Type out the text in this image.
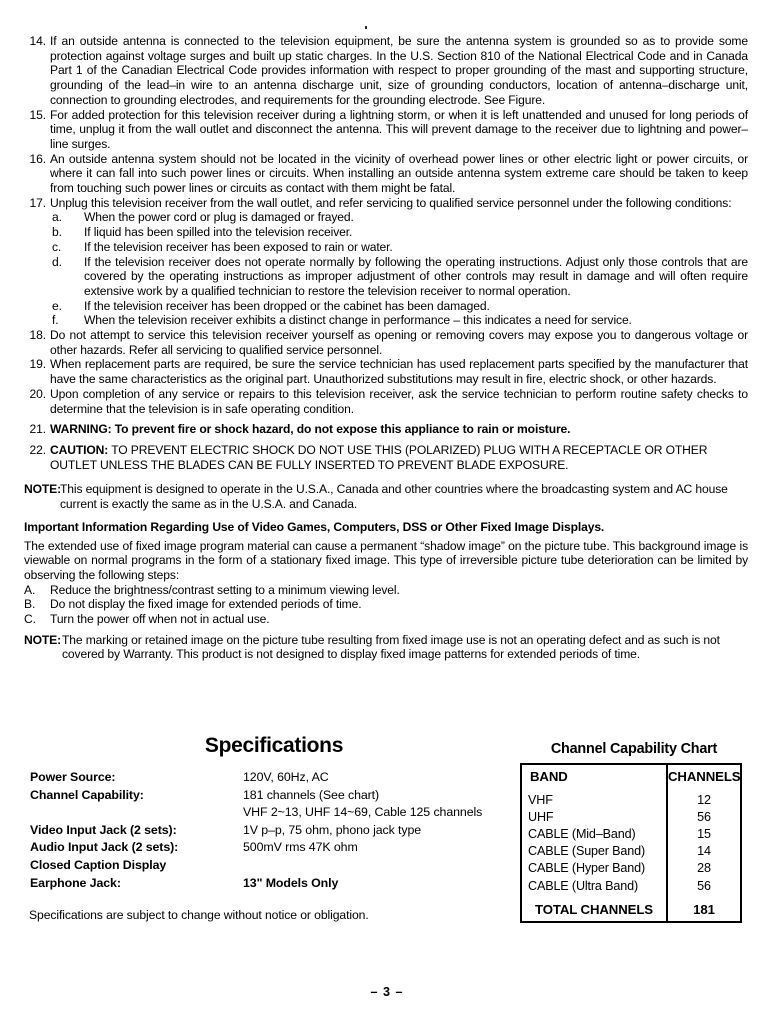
14. If an outside antenna is connected to the television equipment, be sure the antenna system is grounded so as to provide some protection against voltage surges and built up static charges. In the U.S. Section 810 of the National Electrical Code and in Canada Part 1 of the Canadian Electrical Code provides information with respect to proper grounding of the mast and supporting structure, grounding of the lead–in wire to an antenna discharge unit, size of grounding conductors, location of antenna–discharge unit, connection to grounding electrodes, and requirements for the grounding electrode. See Figure.
15. For added protection for this television receiver during a lightning storm, or when it is left unattended and unused for long periods of time, unplug it from the wall outlet and disconnect the antenna. This will prevent damage to the receiver due to lightning and power–line surges.
16. An outside antenna system should not be located in the vicinity of overhead power lines or other electric light or power circuits, or where it can fall into such power lines or circuits. When installing an outside antenna system extreme care should be taken to keep from touching such power lines or circuits as contact with them might be fatal.
17. Unplug this television receiver from the wall outlet, and refer servicing to qualified service personnel under the following conditions:
a.	When the power cord or plug is damaged or frayed.
b.	If liquid has been spilled into the television receiver.
c.	If the television receiver has been exposed to rain or water.
d.	If the television receiver does not operate normally by following the operating instructions. Adjust only those controls that are covered by the operating instructions as improper adjustment of other controls may result in damage and will often require extensive work by a qualified technician to restore the television receiver to normal operation.
e.	If the television receiver has been dropped or the cabinet has been damaged.
f.	When the television receiver exhibits a distinct change in performance – this indicates a need for service.
18. Do not attempt to service this television receiver yourself as opening or removing covers may expose you to dangerous voltage or other hazards. Refer all servicing to qualified service personnel.
19. When replacement parts are required, be sure the service technician has used replacement parts specified by the manufacturer that have the same characteristics as the original part. Unauthorized substitutions may result in fire, electric shock, or other hazards.
20. Upon completion of any service or repairs to this television receiver, ask the service technician to perform routine safety checks to determine that the television is in safe operating condition.
21. WARNING: To prevent fire or shock hazard, do not expose this appliance to rain or moisture.
22. CAUTION: TO PREVENT ELECTRIC SHOCK DO NOT USE THIS (POLARIZED) PLUG WITH A RECEPTACLE OR OTHER OUTLET UNLESS THE BLADES CAN BE FULLY INSERTED TO PREVENT BLADE EXPOSURE.
NOTE:
This equipment is designed to operate in the U.S.A., Canada and other countries where the broadcasting system and AC house current is exactly the same as in the U.S.A. and Canada.
Important Information Regarding Use of Video Games, Computers, DSS or Other Fixed Image Displays.
The extended use of fixed image program material can cause a permanent “shadow image” on the picture tube. This background image is viewable on normal programs in the form of a stationary fixed image. This type of irreversible picture tube deterioration can be limited by observing the following steps:
A.	Reduce the brightness/contrast setting to a minimum viewing level.
B.	Do not display the fixed image for extended periods of time.
C.	Turn the power off when not in actual use.
NOTE: The marking or retained image on the picture tube resulting from fixed image use is not an operating defect and as such is not covered by Warranty. This product is not designed to display fixed image patterns for extended periods of time.
Specifications
Power Source:	120V, 60Hz, AC
Channel Capability:	181 channels (See chart)
VHF 2~13, UHF 14~69, Cable 125 channels
Video Input Jack (2 sets):	1V p–p, 75 ohm, phono jack type
Audio Input Jack (2 sets):	500mV rms 47K ohm
Closed Caption Display
Earphone Jack:	13" Models Only
Specifications are subject to change without notice or obligation.
Channel Capability Chart
BAND	CHANNELS
VHF	12
UHF	56
CABLE (Mid–Band)	15
CABLE (Super Band)	14
CABLE (Hyper Band)	28
CABLE (Ultra Band)	56
TOTAL CHANNELS	181
– 3 –
